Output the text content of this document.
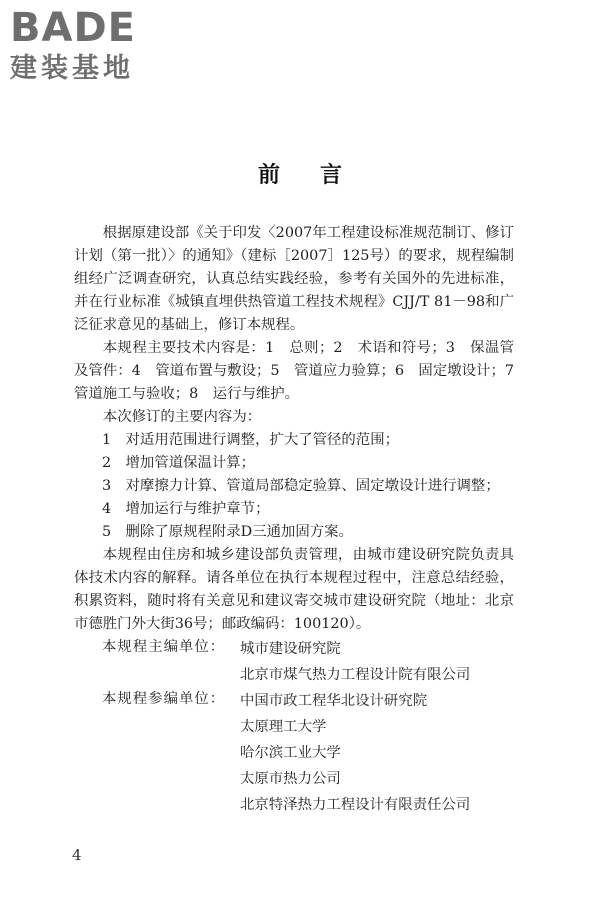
BADE
建装基地
前言

根据原建设部《关于印发〈2007年工程建设标准规范制订、修订计划（第一批）〉的通知》（建标［2007］125号）的要求，规程编制组经广泛调查研究，认真总结实践经验，参考有关国外的先进标准，并在行业标准《城镇直埋供热管道工程技术规程》CJJ/T 81－98和广泛征求意见的基础上，修订本规程。

本规程主要技术内容是：1　总则；2　术语和符号；3　保温管及管件：4　管道布置与敷设；5　管道应力验算；6　固定墩设计；7　管道施工与验收；8　运行与维护。

本次修订的主要内容为：

1　对适用范围进行调整，扩大了管径的范围；

2　增加管道保温计算；

3　对摩擦力计算、管道局部稳定验算、固定墩设计进行调整；

4　增加运行与维护章节；

5　删除了原规程附录D三通加固方案。

本规程由住房和城乡建设部负责管理，由城市建设研究院负责具体技术内容的解释。请各单位在执行本规程过程中，注意总结经验，积累资料，随时将有关意见和建议寄交城市建设研究院（地址：北京市德胜门外大街36号；邮政编码：100120）。

本规程主编单位：	城市建设研究院
北京市煤气热力工程设计院有限公司
本规程参编单位：	中国市政工程华北设计研究院
太原理工大学
哈尔滨工业大学
太原市热力公司
北京特泽热力工程设计有限责任公司
4
